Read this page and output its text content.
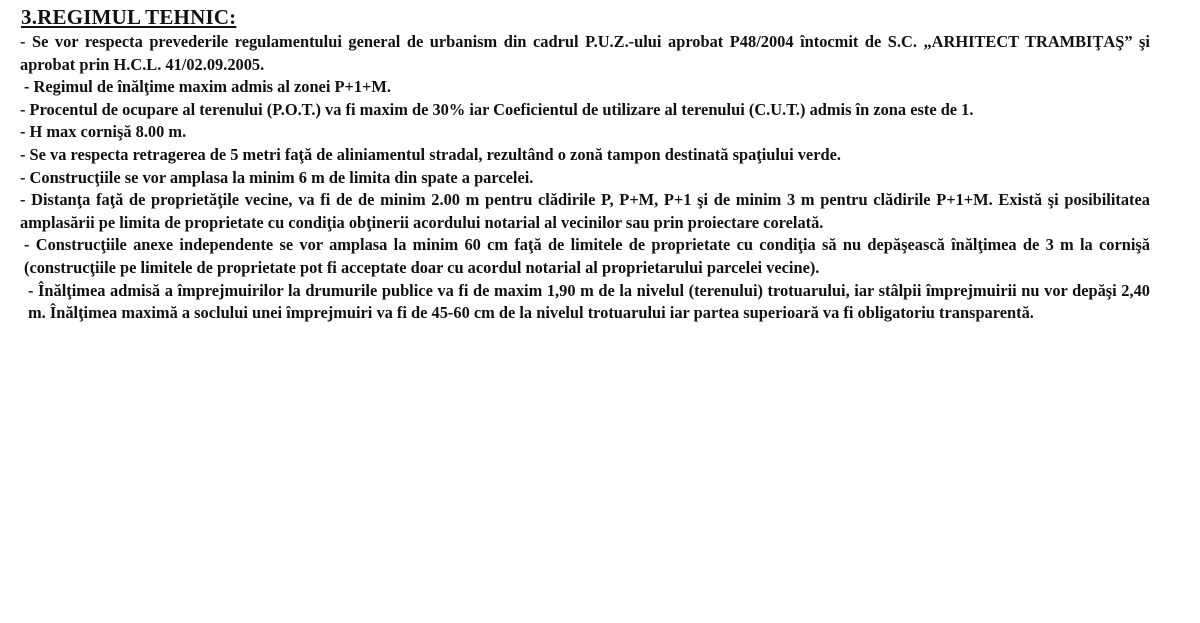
3.REGIMUL TEHNIC:

- Se vor respecta prevederile regulamentului general de urbanism din cadrul P.U.Z.-ului aprobat P48/2004 întocmit de S.C. „ARHITECT TRAMBIŢAŞ” şi aprobat prin H.C.L. 41/02.09.2005.

- Regimul de înălţime maxim admis al zonei P+1+M.

- Procentul de ocupare al terenului (P.O.T.) va fi maxim de 30% iar Coeficientul de utilizare al terenului (C.U.T.) admis în zona este de 1.

- H max cornişă 8.00 m.

- Se va respecta retragerea de 5 metri faţă de aliniamentul stradal, rezultând o zonă tampon destinată spaţiului verde.

- Construcţiile se vor amplasa la minim 6 m de limita din spate a parcelei.

- Distanţa faţă de proprietăţile vecine, va fi de de minim 2.00 m pentru clădirile P, P+M, P+1 şi de minim 3 m pentru clădirile P+1+M. Există şi posibilitatea amplasării pe limita de proprietate cu condiţia obţinerii acordului notarial al vecinilor sau prin proiectare corelată.

- Construcţiile anexe independente se vor amplasa la minim 60 cm faţă de limitele de proprietate cu condiţia să nu depăşească înălţimea de 3 m la cornişă (construcţiile pe limitele de proprietate pot fi acceptate doar cu acordul notarial al proprietarului parcelei vecine).

- Înălţimea admisă a împrejmuirilor la drumurile publice va fi de maxim 1,90 m de la nivelul (terenului) trotuarului, iar stâlpii împrejmuirii nu vor depăşi 2,40 m. Înălţimea maximă a soclului unei împrejmuiri va fi de 45-60 cm de la nivelul trotuarului iar partea superioară va fi obligatoriu transparentă.
